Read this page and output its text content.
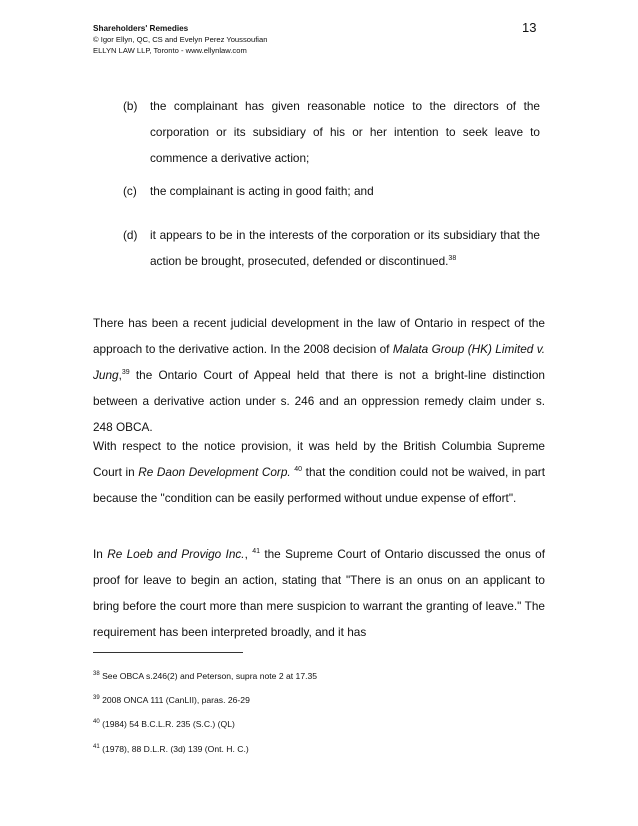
Shareholders' Remedies
© Igor Ellyn, QC, CS and Evelyn Perez Youssoufian
ELLYN LAW LLP, Toronto - www.ellynlaw.com
13
(b)	the complainant has given reasonable notice to the directors of the corporation or its subsidiary of his or her intention to seek leave to commence a derivative action;
(c)	the complainant is acting in good faith; and
(d)	it appears to be in the interests of the corporation or its subsidiary that the action be brought, prosecuted, defended or discontinued.$^{38}$
There has been a recent judicial development in the law of Ontario in respect of the approach to the derivative action. In the 2008 decision of Malata Group (HK) Limited v. Jung,$^{39}$ the Ontario Court of Appeal held that there is not a bright-line distinction between a derivative action under s. 246 and an oppression remedy claim under s. 248 OBCA.
With respect to the notice provision, it was held by the British Columbia Supreme Court in Re Daon Development Corp. $^{40}$ that the condition could not be waived, in part because the "condition can be easily performed without undue expense of effort".
In Re Loeb and Provigo Inc., $^{41}$ the Supreme Court of Ontario discussed the onus of proof for leave to begin an action, stating that "There is an onus on an applicant to bring before the court more than mere suspicion to warrant the granting of leave." The requirement has been interpreted broadly, and it has
$^{38}$ See OBCA s.246(2) and Peterson, supra note 2 at 17.35
$^{39}$ 2008 ONCA 111 (CanLII), paras. 26-29
$^{40}$ (1984) 54 B.C.L.R. 235 (S.C.) (QL)
$^{41}$ (1978), 88 D.L.R. (3d) 139 (Ont. H. C.)
